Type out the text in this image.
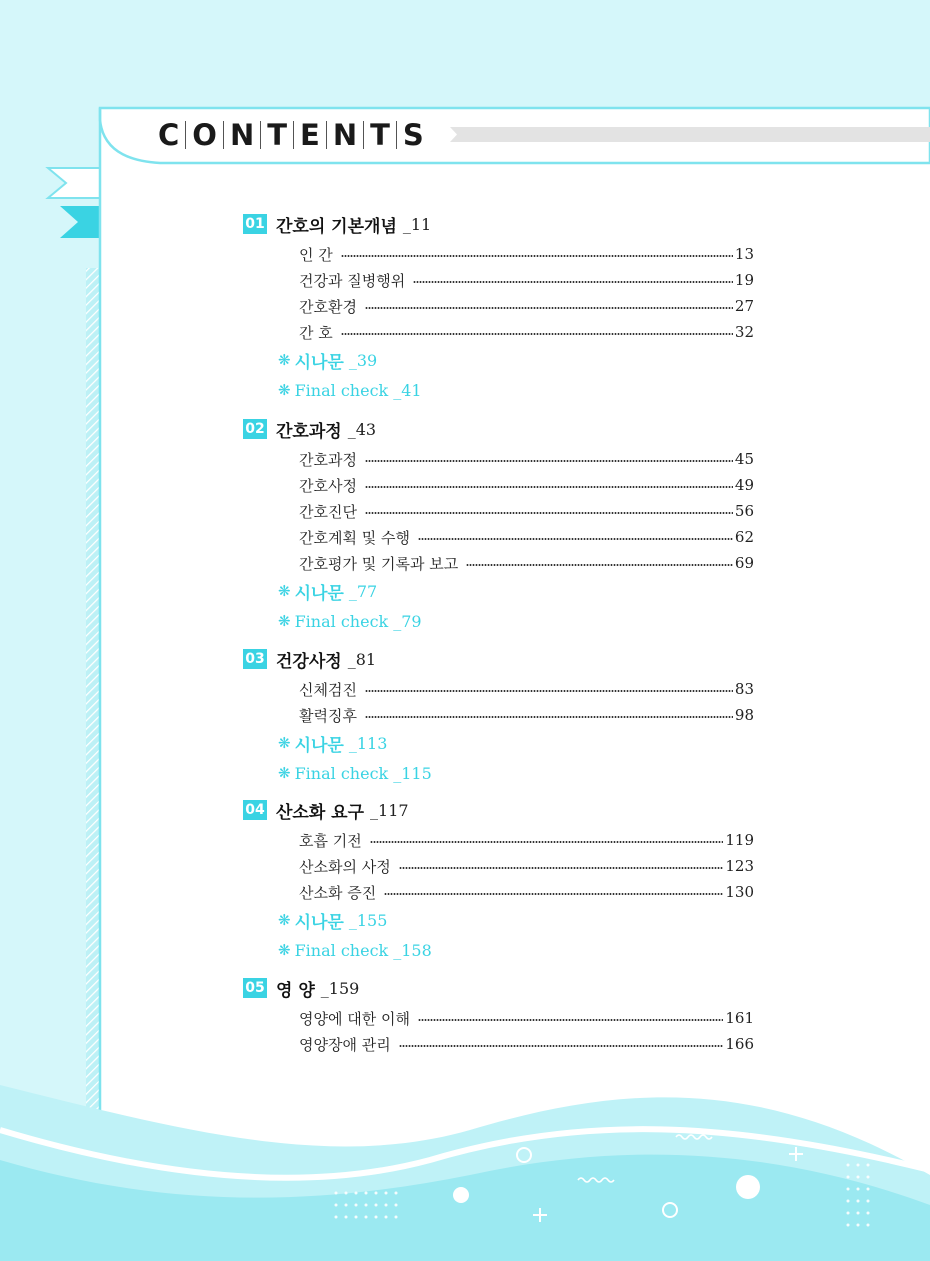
C O N T E N T S
01 간호의 기본개념 _11
인 간	13
건강과 질병행위	19
간호환경	27
간 호	32
❋ 시나문 _39
❋ Final check _41
02 간호과정 _43
간호과정	45
간호사정	49
간호진단	56
간호계획 및 수행	62
간호평가 및 기록과 보고	69
❋ 시나문 _77
❋ Final check _79
03 건강사정 _81
신체검진	83
활력징후	98
❋ 시나문 _113
❋ Final check _115
04 산소화 요구 _117
호흡 기전	119
산소화의 사정	123
산소화 증진	130
❋ 시나문 _155
❋ Final check _158
05 영 양 _159
영양에 대한 이해	161
영양장애 관리	166
